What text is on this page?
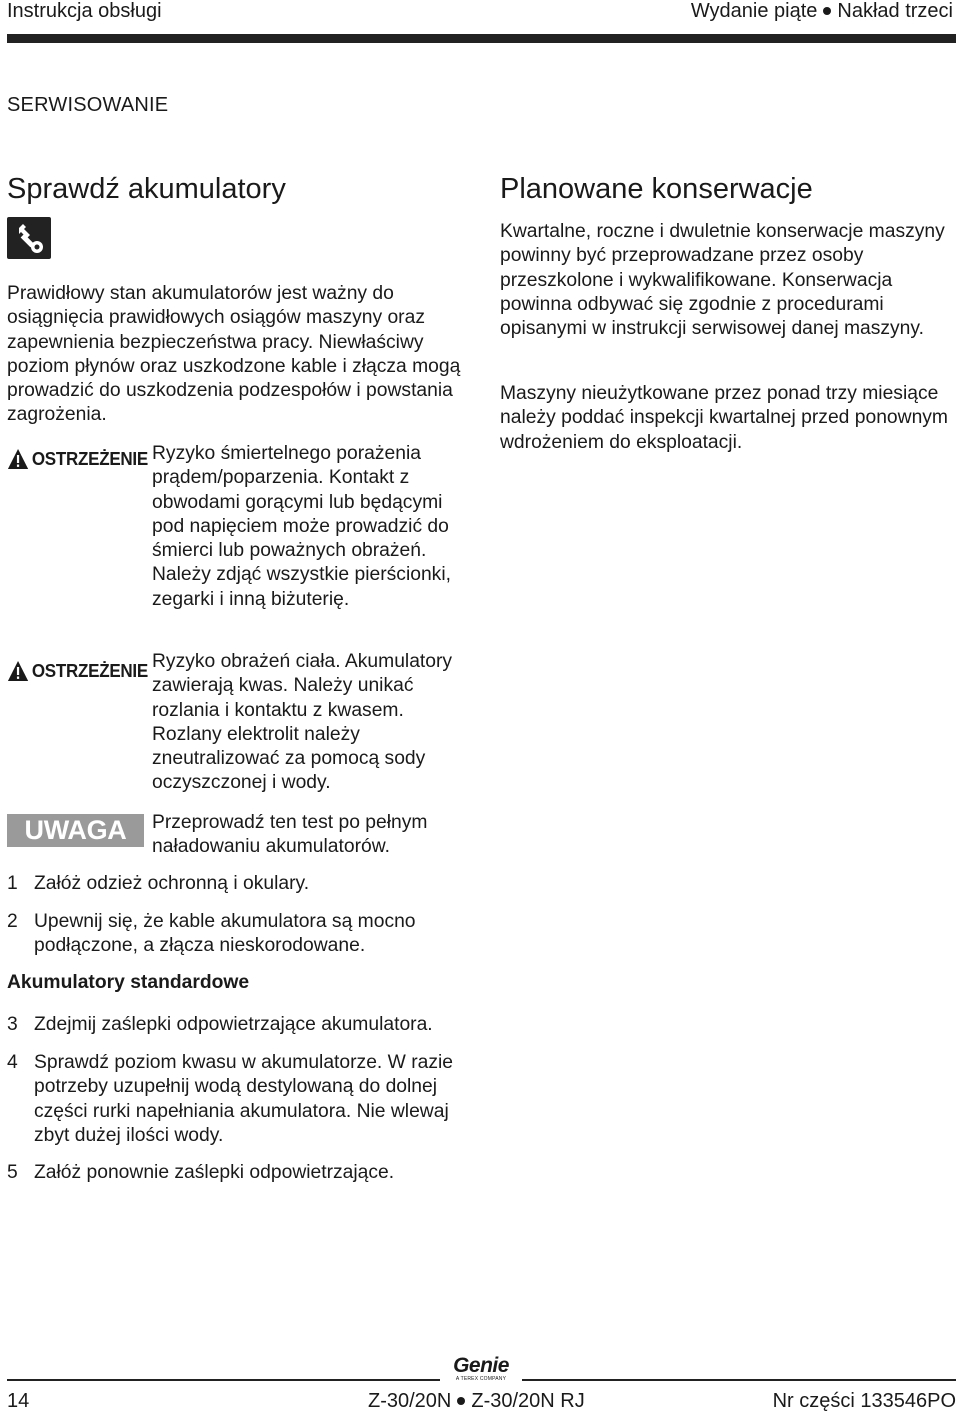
Instrukcja obsługi	Wydanie piąte Nakład trzeci
SERWISOWANIE
Sprawdź akumulatory

Prawidłowy stan akumulatorów jest ważny do osiągnięcia prawidłowych osiągów maszyny oraz zapewnienia bezpieczeństwa pracy. Niewłaściwy poziom płynów oraz uszkodzone kable i złącza mogą prowadzić do uszkodzenia podzespołów i powstania zagrożenia.

OSTRZEŻENIE Ryzyko śmiertelnego porażenia prądem/poparzenia. Kontakt z obwodami gorącymi lub będącymi pod napięciem może prowadzić do śmierci lub poważnych obrażeń. Należy zdjąć wszystkie pierścionki, zegarki i inną biżuterię.

OSTRZEŻENIE Ryzyko obrażeń ciała. Akumulatory zawierają kwas. Należy unikać rozlania i kontaktu z kwasem. Rozlany elektrolit należy zneutralizować za pomocą sody oczyszczonej i wody.

UWAGA	Przeprowadź ten test po pełnym naładowaniu akumulatorów.

1 Załóż odzież ochronną i okulary.
2 Upewnij się, że kable akumulatora są mocno podłączone, a złącza nieskorodowane.
3 Zdejmij zaślepki odpowietrzające akumulatora.
4 Sprawdź poziom kwasu w akumulatorze. W razie potrzeby uzupełnij wodą destylowaną do dolnej części rurki napełniania akumulatora. Nie wlewaj zbyt dużej ilości wody.
5 Załóż ponownie zaślepki odpowietrzające.
Akumulatory standardowe
Planowane konserwacje

Kwartalne, roczne i dwuletnie konserwacje maszyny powinny być przeprowadzane przez osoby przeszkolone i wykwalifikowane. Konserwacja powinna odbywać się zgodnie z procedurami opisanymi w instrukcji serwisowej danej maszyny.

Maszyny nieużytkowane przez ponad trzy miesiące należy poddać inspekcji kwartalnej przed ponownym wdrożeniem do eksploatacji.

Genie
A TEREX COMPANY
14	Z-30/20N Z-30/20N RJ	Nr części 133546PO
